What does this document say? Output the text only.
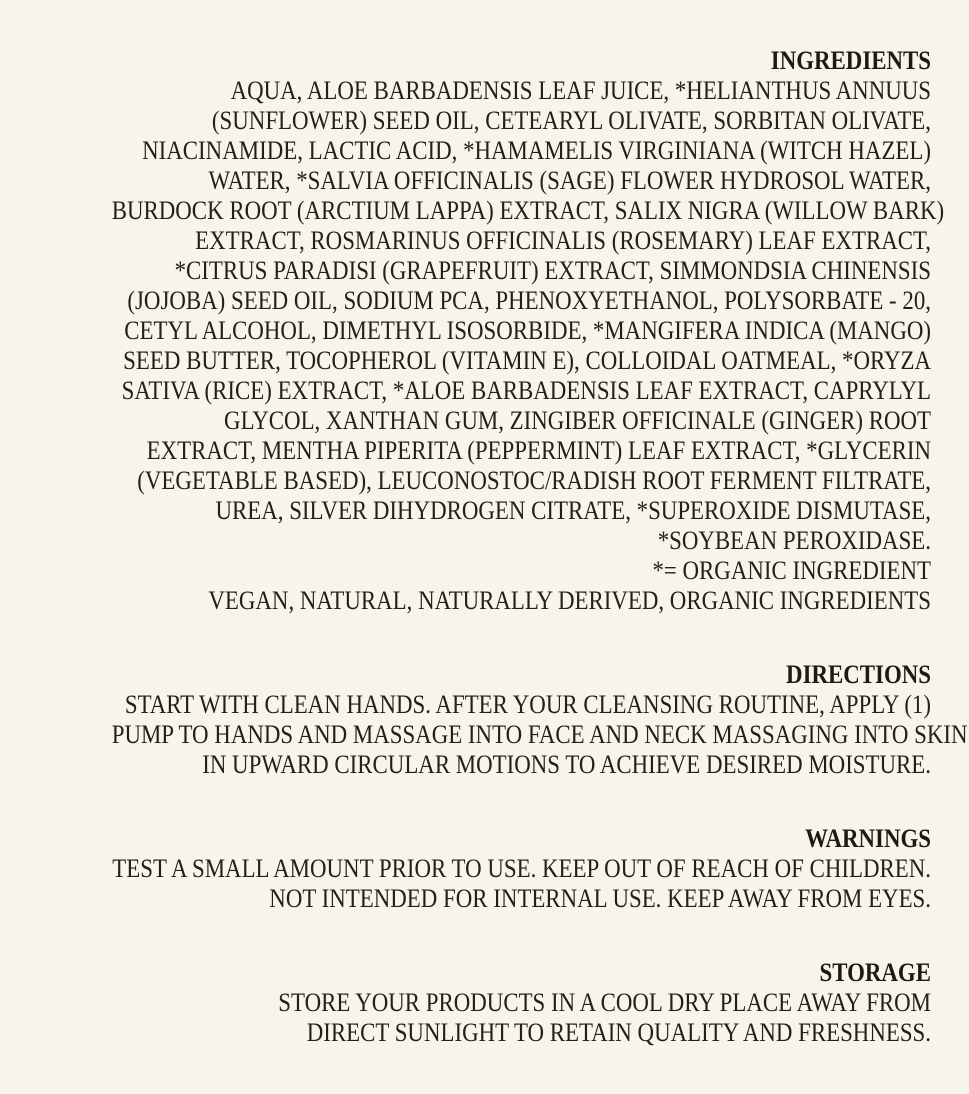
INGREDIENTS
AQUA, ALOE BARBADENSIS LEAF JUICE, *HELIANTHUS ANNUUS
(SUNFLOWER) SEED OIL, CETEARYL OLIVATE, SORBITAN OLIVATE,
NIACINAMIDE, LACTIC ACID, *HAMAMELIS VIRGINIANA (WITCH HAZEL)
WATER, *SALVIA OFFICINALIS (SAGE) FLOWER HYDROSOL WATER,
BURDOCK ROOT (ARCTIUM LAPPA) EXTRACT, SALIX NIGRA (WILLOW BARK)
EXTRACT, ROSMARINUS OFFICINALIS (ROSEMARY) LEAF EXTRACT,
*CITRUS PARADISI (GRAPEFRUIT) EXTRACT, SIMMONDSIA CHINENSIS
(JOJOBA) SEED OIL, SODIUM PCA, PHENOXYETHANOL, POLYSORBATE - 20,
CETYL ALCOHOL, DIMETHYL ISOSORBIDE, *MANGIFERA INDICA (MANGO)
SEED BUTTER, TOCOPHEROL (VITAMIN E), COLLOIDAL OATMEAL, *ORYZA
SATIVA (RICE) EXTRACT, *ALOE BARBADENSIS LEAF EXTRACT, CAPRYLYL
GLYCOL, XANTHAN GUM, ZINGIBER OFFICINALE (GINGER) ROOT
EXTRACT, MENTHA PIPERITA (PEPPERMINT) LEAF EXTRACT, *GLYCERIN
(VEGETABLE BASED), LEUCONOSTOC/RADISH ROOT FERMENT FILTRATE,
UREA, SILVER DIHYDROGEN CITRATE, *SUPEROXIDE DISMUTASE,
*SOYBEAN PEROXIDASE.
*= ORGANIC INGREDIENT
VEGAN, NATURAL, NATURALLY DERIVED, ORGANIC INGREDIENTS
DIRECTIONS
START WITH CLEAN HANDS. AFTER YOUR CLEANSING ROUTINE, APPLY (1)
PUMP TO HANDS AND MASSAGE INTO FACE AND NECK MASSAGING INTO SKIN
IN UPWARD CIRCULAR MOTIONS TO ACHIEVE DESIRED MOISTURE.
WARNINGS
TEST A SMALL AMOUNT PRIOR TO USE. KEEP OUT OF REACH OF CHILDREN.
NOT INTENDED FOR INTERNAL USE. KEEP AWAY FROM EYES.
STORAGE
STORE YOUR PRODUCTS IN A COOL DRY PLACE AWAY FROM
DIRECT SUNLIGHT TO RETAIN QUALITY AND FRESHNESS.
